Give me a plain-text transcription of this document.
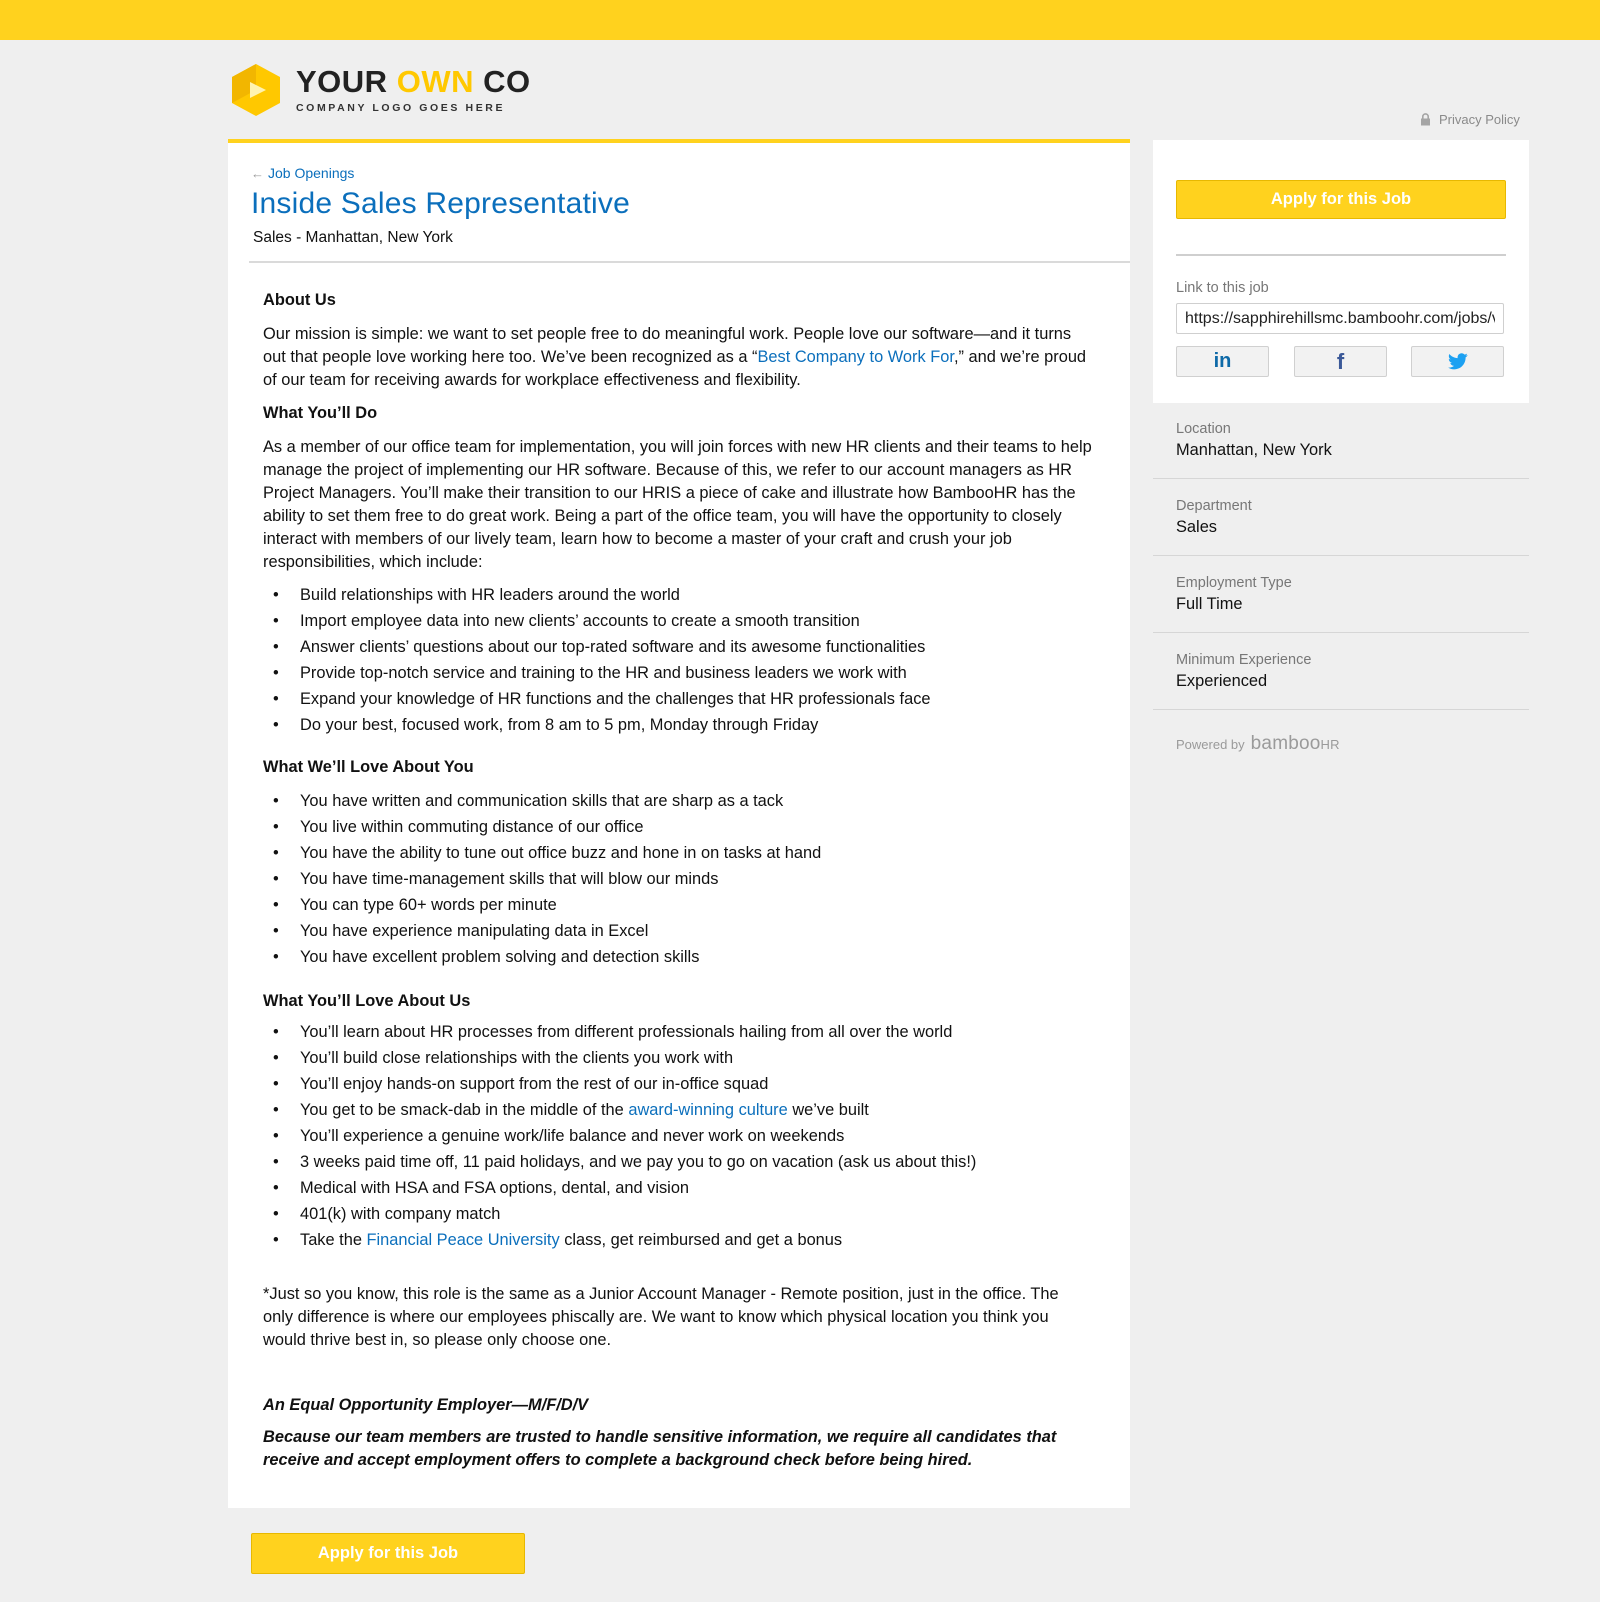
YOUR OWN CO
COMPANY LOGO GOES HERE
Privacy Policy
← Job Openings
Inside Sales Representative
Sales - Manhattan, New York
About Us

Our mission is simple: we want to set people free to do meaningful work. People love our software—and it turns out that people love working here too. We’ve been recognized as a “Best Company to Work For,” and we’re proud of our team for receiving awards for workplace effectiveness and flexibility.

What You’ll Do

As a member of our office team for implementation, you will join forces with new HR clients and their teams to help manage the project of implementing our HR software. Because of this, we refer to our account managers as HR Project Managers. You’ll make their transition to our HRIS a piece of cake and illustrate how BambooHR has the ability to set them free to do great work. Being a part of the office team, you will have the opportunity to closely interact with members of our lively team, learn how to become a master of your craft and crush your job responsibilities, which include:

• Build relationships with HR leaders around the world
• Import employee data into new clients’ accounts to create a smooth transition
• Answer clients’ questions about our top-rated software and its awesome functionalities
• Provide top-notch service and training to the HR and business leaders we work with
• Expand your knowledge of HR functions and the challenges that HR professionals face
• Do your best, focused work, from 8 am to 5 pm, Monday through Friday
What We’ll Love About You
• You have written and communication skills that are sharp as a tack
• You live within commuting distance of our office
• You have the ability to tune out office buzz and hone in on tasks at hand
• You have time-management skills that will blow our minds
• You can type 60+ words per minute
• You have experience manipulating data in Excel
• You have excellent problem solving and detection skills
What You’ll Love About Us
• You’ll learn about HR processes from different professionals hailing from all over the world
• You’ll build close relationships with the clients you work with
• You’ll enjoy hands-on support from the rest of our in-office squad
• You get to be smack-dab in the middle of the award-winning culture we’ve built
• You’ll experience a genuine work/life balance and never work on weekends
• 3 weeks paid time off, 11 paid holidays, and we pay you to go on vacation (ask us about this!)
• Medical with HSA and FSA options, dental, and vision
• 401(k) with company match
• Take the Financial Peace University class, get reimbursed and get a bonus

*Just so you know, this role is the same as a Junior Account Manager - Remote position, just in the office. The only difference is where our employees phiscally are. We want to know which physical location you think you would thrive best in, so please only choose one.

An Equal Opportunity Employer—M/F/D/V

Because our team members are trusted to handle sensitive information, we require all candidates that receive and accept employment offers to complete a background check before being hired.

Apply for this Job
Apply for this Job
Link to this job
https://sapphirehillsmc.bamboohr.com/jobs/view.php?id=12
in	f
Location
Manhattan, New York
Department
Sales
Employment Type
Full Time
Minimum Experience
Experienced
Powered by bambooHR
